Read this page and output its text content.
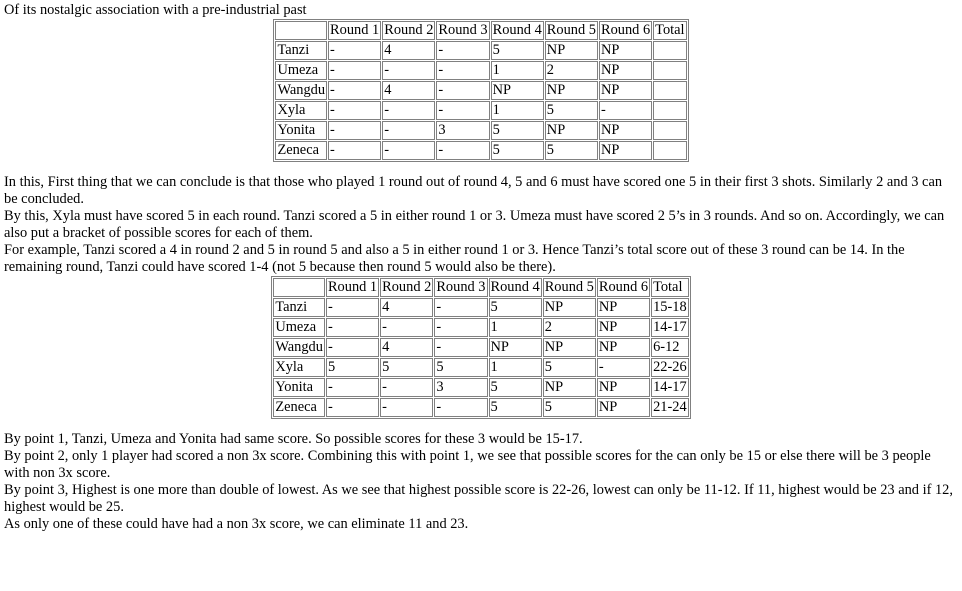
Of its nostalgic association with a pre-industrial past

	Round 1	Round 2	Round 3	Round 4	Round 5	Round 6	Total
Tanzi	-	4	-	5	NP	NP	
Umeza	-	-	-	1	2	NP	
Wangdu	-	4	-	NP	NP	NP	
Xyla	-	-	-	1	5	-	
Yonita	-	-	3	5	NP	NP	
Zeneca	-	-	-	5	5	NP	

In this, First thing that we can conclude is that those who played 1 round out of round 4, 5 and 6 must have scored one 5 in their first 3 shots. Similarly 2 and 3 can be concluded.

By this, Xyla must have scored 5 in each round. Tanzi scored a 5 in either round 1 or 3. Umeza must have scored 2 5’s in 3 rounds. And so on. Accordingly, we can also put a bracket of possible scores for each of them.

For example, Tanzi scored a 4 in round 2 and 5 in round 5 and also a 5 in either round 1 or 3. Hence Tanzi’s total score out of these 3 round can be 14. In the remaining round, Tanzi could have scored 1-4 (not 5 because then round 5 would also be there).

	Round 1	Round 2	Round 3	Round 4	Round 5	Round 6	Total
Tanzi	-	4	-	5	NP	NP	15-18
Umeza	-	-	-	1	2	NP	14-17
Wangdu	-	4	-	NP	NP	NP	6-12
Xyla	5	5	5	1	5	-	22-26
Yonita	-	-	3	5	NP	NP	14-17
Zeneca	-	-	-	5	5	NP	21-24

By point 1, Tanzi, Umeza and Yonita had same score. So possible scores for these 3 would be 15-17.

By point 2, only 1 player had scored a non 3x score. Combining this with point 1, we see that possible scores for the can only be 15 or else there will be 3 people with non 3x score.

By point 3, Highest is one more than double of lowest. As we see that highest possible score is 22-26, lowest can only be 11-12. If 11, highest would be 23 and if 12, highest would be 25.

As only one of these could have had a non 3x score, we can eliminate 11 and 23.
